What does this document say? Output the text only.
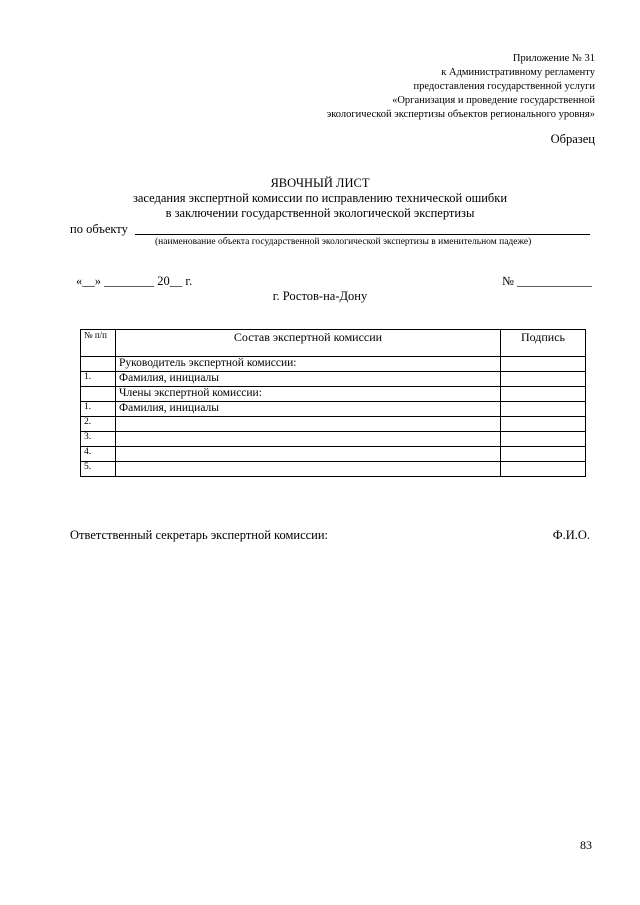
Приложение № 31
к Административному регламенту
предоставления государственной услуги
«Организация и проведение государственной
экологической экспертизы объектов регионального уровня»
Образец
ЯВОЧНЫЙ ЛИСТ
заседания экспертной комиссии по исправлению технической ошибки
в заключении государственной экологической экспертизы
по объекту
(наименование объекта государственной экологической экспертизы в именительном падеже)
«__» ________ 20__ г.	№ ____________
г. Ростов-на-Дону
№ п/п	Состав экспертной комиссии	Подпись
	Руководитель экспертной комиссии:	
1.	Фамилия, инициалы	
	Члены экспертной комиссии:	
1.	Фамилия, инициалы	
2.		
3.		
4.		
5.		
Ответственный секретарь экспертной комиссии:	Ф.И.О.
83
